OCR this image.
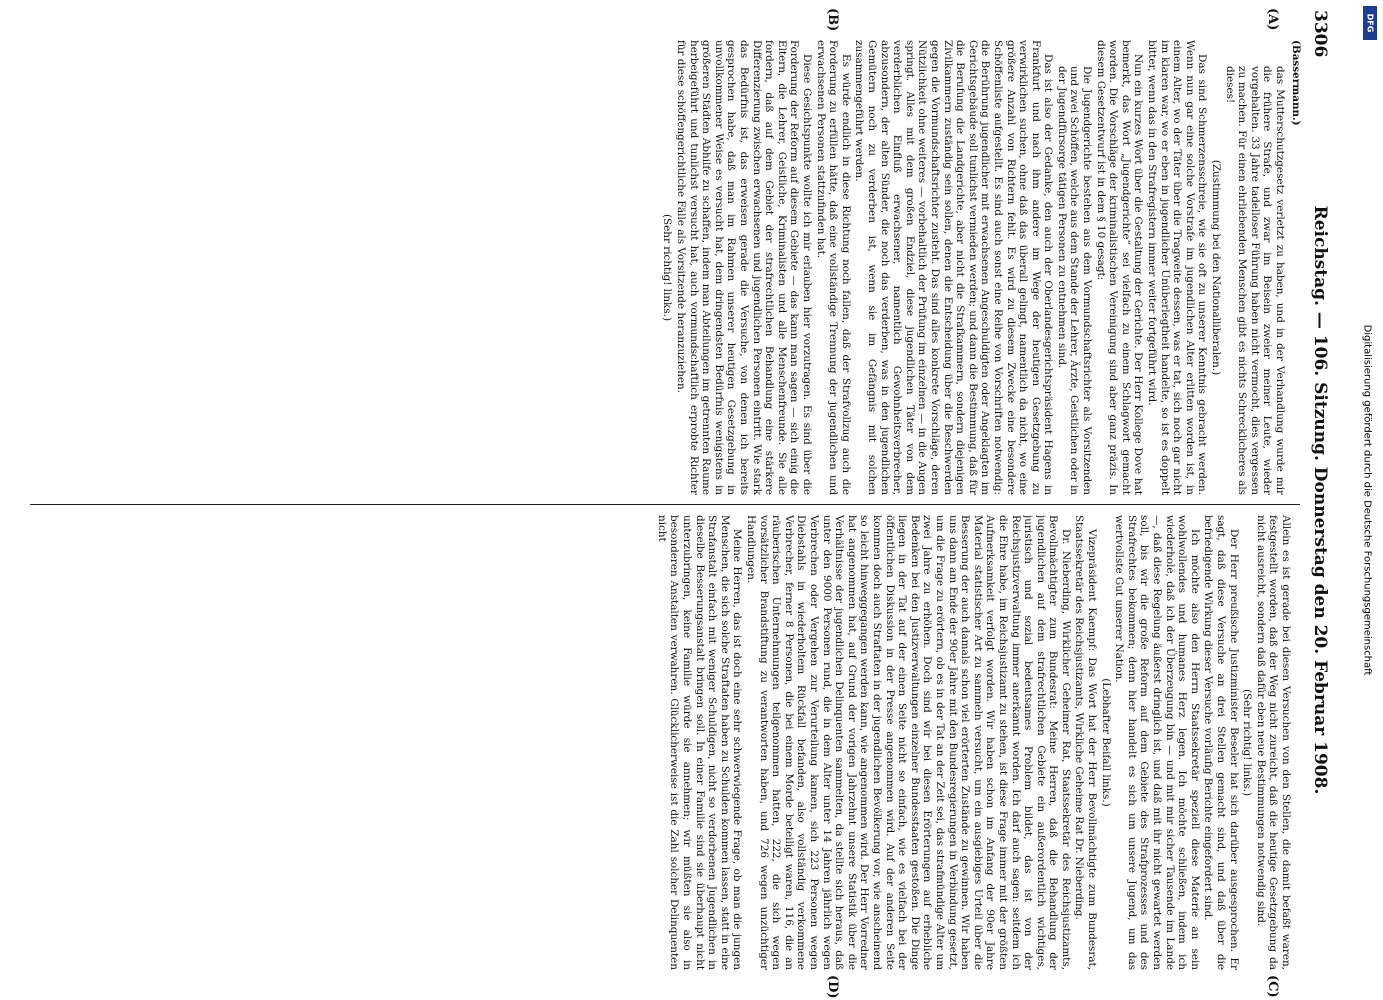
3306
Reichstag. — 106. Sitzung. Donnerstag den 20. Februar 1908.
(Bassermann.)
(A)
(B)
(C)
(D)

das Mutterschutzgesetz verletzt zu haben, und in der Verhandlung wurde mir die frühere Strafe, und zwar im Beisein zweier meiner Leute, wieder vorgehalten. 33 Jahre tadelloser Führung haben nicht vermocht, dies vergessen zu machen. Für einen ehrliebenden Menschen gibt es nichts Schrecklicheres als dieses!

(Zustimmung bei den Nationalliberalen.)

Das sind Schmerzensschreie, wie sie oft zu unserer Kenntnis gebracht werden. Wenn nun gar eine solche Vorstrafe im jugendlichen Alter erlitten worden ist, in einem Alter, wo der Täter über die Tragweite dessen, was er tat, sich noch gar nicht im klaren war, wo er eben in jugendlicher Unüberlegtheit handelte, so ist es doppelt bitter, wenn das in den Strafregistern immer weiter fortgeführt wird.

Nun ein kurzes Wort über die Gestaltung der Gerichte. Der Herr Kollege Dove hat bemerkt, das Wort „Jugendgerichte“ sei vielfach zu einem Schlagwort gemacht worden. Die Vorschläge der kriminalistischen Vereinigung sind aber ganz präzis. In diesem Gesetzentwurf ist in dem § 10 gesagt:

Die Jugendgerichte bestehen aus dem Vormundschaftsrichter als Vorsitzenden und zwei Schöffen, welche aus dem Stande der Lehrer, Ärzte, Geistlichen oder in der Jugendfürsorge tätigen Personen zu entnehmen sind.

Das ist also der Gedanke, den auch der Oberlandesgerichtspräsident Hagens in Frankfurt und nach ihm andere im Wege der heutigen Gesetzgebung zu verwirklichen suchen, ohne daß das überall gelingt, namentlich da nicht, wo eine größere Anzahl von Richtern fehlt. Es wird zu diesem Zwecke eine besondere Schöffenliste aufgestellt. Es sind auch sonst eine Reihe von Vorschriften notwendig: die Berührung jugendlicher mit erwachsenen Angeschuldigten oder Angeklagten im Gerichtsgebäude soll tunlichst vermieden werden; und dann die Bestimmung, daß für die Berufung die Landgerichte, aber nicht die Strafkammern, sondern diejenigen Zivilkammern zuständig sein sollen, denen die Entscheidung über die Beschwerden gegen die Vormundschaftsrichter zusteht. Das sind alles konkrete Vorschläge, deren Nützlichkeit ohne weiteres — vorbehaltlich der Prüfung im einzelnen — in die Augen springt. Alles mit dem großen Endziel, diese jugendlichen Täter von dem verderblichen Einfluß erwachsener, namentlich Gewohnheitsverbrecher, abzusondern, der alten Sünder, die noch das verderben, was in den jugendlichen Gemütern noch zu verderben ist, wenn sie im Gefängnis mit solchen zusammengeführt werden.

Es würde endlich in diese Richtung noch fallen, daß der Strafvollzug auch die Forderung zu erfüllen hätte, daß eine vollständige Trennung der jugendlichen und erwachsenen Personen stattzufinden hat.

Diese Gesichtspunkte wollte ich mir erlauben hier vorzutragen. Es sind über die Forderung der Reform auf diesem Gebiete — das kann man sagen — sich einig die Eltern, die Lehrer, Geistliche, Kriminalisten und alle Menschenfreunde. Sie alle fordern, daß auf dem Gebiet der strafrechtlichen Behandlung eine stärkere Differenzierung zwischen erwachsenen und jugendlichen Personen eintritt. Wie stark das Bedürfnis ist, das erweisen gerade die Versuche, von denen ich bereits gesprochen habe, daß man im Rahmen unserer heutigen Gesetzgebung in unvollkommener Weise es versucht hat, dem dringendsten Bedürfnis wenigstens in größeren Städten Abhilfe zu schaffen, indem man Abteilungen im getrennten Raume herbeigeführt und tunlichst versucht hat, auch vormundschaftlich erprobte Richter für diese schöffengerichtliche Fälle als Vorsitzende heranzuziehen.

(Sehr richtig! links.)

Allein es ist gerade bei diesen Versuchen von den Stellen, die damit befaßt waren, festgestellt worden, daß der Weg nicht zureicht, daß die heutige Gesetzgebung da nicht ausreicht, sondern daß dafür eben neue Bestimmungen notwendig sind.

(Sehr richtig! links.)

Der Herr preußische Justizminister Beseler hat sich darüber ausgesprochen. Er sagt, daß diese Versuche an drei Stellen gemacht sind, und daß über die befriedigende Wirkung dieser Versuche vorläufig Berichte eingefordert sind.

Ich möchte also den Herrn Staatssekretär speziell diese Materie an sein wohlwollendes und humanes Herz legen. Ich möchte schließen, indem ich wiederhole, daß ich der Überzeugung bin — und mit mir sicher Tausende im Lande —, daß diese Regelung äußerst dringlich ist, und daß mit ihr nicht gewartet werden soll, bis wir die große Reform auf dem Gebiete des Strafprozesses und des Strafrechtes bekommen; denn hier handelt es sich um unsere Jugend, um das wertvollste Gut unserer Nation.

(Lebhafter Beifall links.)

Vizepräsident Kaempf: Das Wort hat der Herr Bevollmächtigte zum Bundesrat, Staatssekretär des Reichsjustizamts, Wirkliche Geheime Rat Dr. Nieberding.

Dr. Nieberding, Wirklicher Geheimer Rat, Staatssekretär des Reichsjustizamts, Bevollmächtigter zum Bundesrat: Meine Herren, daß die Behandlung der jugendlichen auf dem strafrechtlichen Gebiete ein außerordentlich wichtiges, juristisch und sozial bedeutsames Problem bildet, das ist von der Reichsjustizverwaltung immer anerkannt worden. Ich darf auch sagen: seitdem ich die Ehre habe, im Reichsjustizamt zu stehen, ist diese Frage immer mit der größten Aufmerksamkeit verfolgt worden. Wir haben schon im Anfang der 90er Jahre Material statistischer Art zu sammeln versucht, um ein ausgiebiges Urteil über die Besserung der auch damals schon viel erörterten Zustände zu gewinnen. Wir haben uns dann am Ende der 90er Jahre mit den Bundesregierungen in Verbindung gesetzt, um die Frage zu erörtern, ob es in der Tat an der Zeit sei, das strafmündige Alter um zwei Jahre zu erhöhen. Doch sind wir bei diesen Erörterungen auf erhebliche Bedenken bei den Justizverwaltungen einzelner Bundesstaaten gestoßen. Die Dinge liegen in der Tat auf der einen Seite nicht so einfach, wie es vielfach bei der öffentlichen Diskussion in der Presse angenommen wird. Auf der anderen Seite kommen doch auch Straftaten in der jugendlichen Bevölkerung vor, wie anscheinend so leicht hinweggegangen werden kann, wie angenommen wird. Der Herr Vorredner hat angenommen hat, auf Grund der vorigen Jahrzehnt unsere Statistik über die Verhältnisse der jugendlichen Delinquenten sammelten, da stellte sich heraus, daß unter den 9000 Personen rund, die in dem Alter unter 14 Jahren jährlich wegen Verbrechen oder Vergehen zur Verurteilung kamen, sich 223 Personen wegen Diebstahls in wiederholtem Rückfall befanden, also vollständig verkommene Verbrecher, ferner 8 Personen, die bei einem Morde beteiligt waren, 116, die an räuberischen Unternehmungen teilgenommen hatten, 222, die sich wegen vorsätzlicher Brandstiftung zu verantworten haben, und 726 wegen unzüchtiger Handlungen.

Meine Herren, das ist doch eine sehr schwerwiegende Frage, ob man die jungen Menschen, die sich solche Straftaten haben zu Schulden kommen lassen, statt in eine Strafanstalt einfach mit weniger Schuldigen, nicht so verdorbenen Jugendlichen in dieselbe Besserungsanstalt bringen soll. In einer Familie sind sie überhaupt nicht unterzubringen, keine Familie würde sie annehmen; wir müßten sie also in besonderen Anstalten verwahren. Glücklicherweise ist die Zahl solcher Delinquenten nicht

DFG
Digitalisierung gefördert durch die Deutsche Forschungsgemeinschaft
